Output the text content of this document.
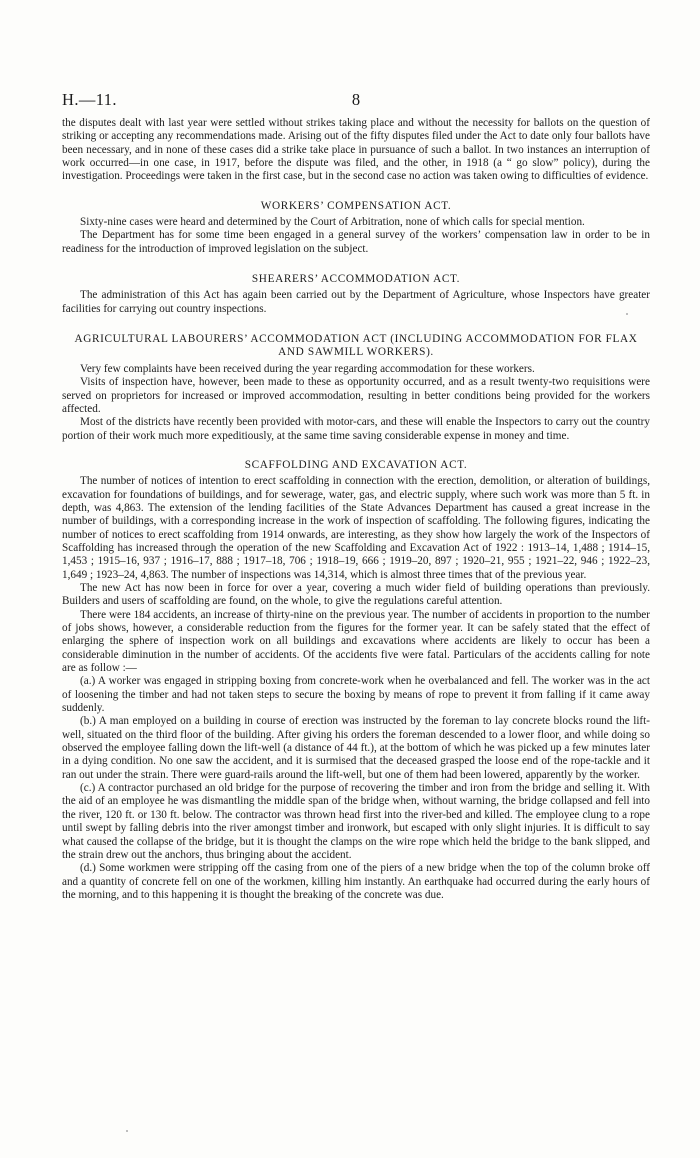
H.—11.	8

the disputes dealt with last year were settled without strikes taking place and without the necessity for ballots on the question of striking or accepting any recommendations made. Arising out of the fifty disputes filed under the Act to date only four ballots have been necessary, and in none of these cases did a strike take place in pursuance of such a ballot. In two instances an interruption of work occurred—in one case, in 1917, before the dispute was filed, and the other, in 1918 (a “ go slow” policy), during the investigation. Proceedings were taken in the first case, but in the second case no action was taken owing to difficulties of evidence.

WORKERS’ COMPENSATION ACT.

Sixty-nine cases were heard and determined by the Court of Arbitration, none of which calls for special mention.

The Department has for some time been engaged in a general survey of the workers’ compensation law in order to be in readiness for the introduction of improved legislation on the subject.

SHEARERS’ ACCOMMODATION ACT.

The administration of this Act has again been carried out by the Department of Agriculture, whose Inspectors have greater facilities for carrying out country inspections.

AGRICULTURAL LABOURERS’ ACCOMMODATION ACT (INCLUDING ACCOMMODATION FOR FLAX AND SAWMILL WORKERS).

Very few complaints have been received during the year regarding accommodation for these workers.

Visits of inspection have, however, been made to these as opportunity occurred, and as a result twenty-two requisitions were served on proprietors for increased or improved accommodation, resulting in better conditions being provided for the workers affected.

Most of the districts have recently been provided with motor-cars, and these will enable the Inspectors to carry out the country portion of their work much more expeditiously, at the same time saving considerable expense in money and time.

SCAFFOLDING AND EXCAVATION ACT.

The number of notices of intention to erect scaffolding in connection with the erection, demolition, or alteration of buildings, excavation for foundations of buildings, and for sewerage, water, gas, and electric supply, where such work was more than 5 ft. in depth, was 4,863. The extension of the lending facilities of the State Advances Department has caused a great increase in the number of buildings, with a corresponding increase in the work of inspection of scaffolding. The following figures, indicating the number of notices to erect scaffolding from 1914 onwards, are interesting, as they show how largely the work of the Inspectors of Scaffolding has increased through the operation of the new Scaffolding and Excavation Act of 1922 : 1913–14, 1,488 ; 1914–15, 1,453 ; 1915–16, 937 ; 1916–17, 888 ; 1917–18, 706 ; 1918–19, 666 ; 1919–20, 897 ; 1920–21, 955 ; 1921–22, 946 ; 1922–23, 1,649 ; 1923–24, 4,863. The number of inspections was 14,314, which is almost three times that of the previous year.

The new Act has now been in force for over a year, covering a much wider field of building operations than previously. Builders and users of scaffolding are found, on the whole, to give the regulations careful attention.

There were 184 accidents, an increase of thirty-nine on the previous year. The number of accidents in proportion to the number of jobs shows, however, a considerable reduction from the figures for the former year. It can be safely stated that the effect of enlarging the sphere of inspection work on all buildings and excavations where accidents are likely to occur has been a considerable diminution in the number of accidents. Of the accidents five were fatal. Particulars of the accidents calling for note are as follow :—

(a.) A worker was engaged in stripping boxing from concrete-work when he overbalanced and fell. The worker was in the act of loosening the timber and had not taken steps to secure the boxing by means of rope to prevent it from falling if it came away suddenly.

(b.) A man employed on a building in course of erection was instructed by the foreman to lay concrete blocks round the lift-well, situated on the third floor of the building. After giving his orders the foreman descended to a lower floor, and while doing so observed the employee falling down the lift-well (a distance of 44 ft.), at the bottom of which he was picked up a few minutes later in a dying condition. No one saw the accident, and it is surmised that the deceased grasped the loose end of the rope-tackle and it ran out under the strain. There were guard-rails around the lift-well, but one of them had been lowered, apparently by the worker.

(c.) A contractor purchased an old bridge for the purpose of recovering the timber and iron from the bridge and selling it. With the aid of an employee he was dismantling the middle span of the bridge when, without warning, the bridge collapsed and fell into the river, 120 ft. or 130 ft. below. The contractor was thrown head first into the river-bed and killed. The employee clung to a rope until swept by falling debris into the river amongst timber and ironwork, but escaped with only slight injuries. It is difficult to say what caused the collapse of the bridge, but it is thought the clamps on the wire rope which held the bridge to the bank slipped, and the strain drew out the anchors, thus bringing about the accident.

(d.) Some workmen were stripping off the casing from one of the piers of a new bridge when the top of the column broke off and a quantity of concrete fell on one of the workmen, killing him instantly. An earthquake had occurred during the early hours of the morning, and to this happening it is thought the breaking of the concrete was due.
